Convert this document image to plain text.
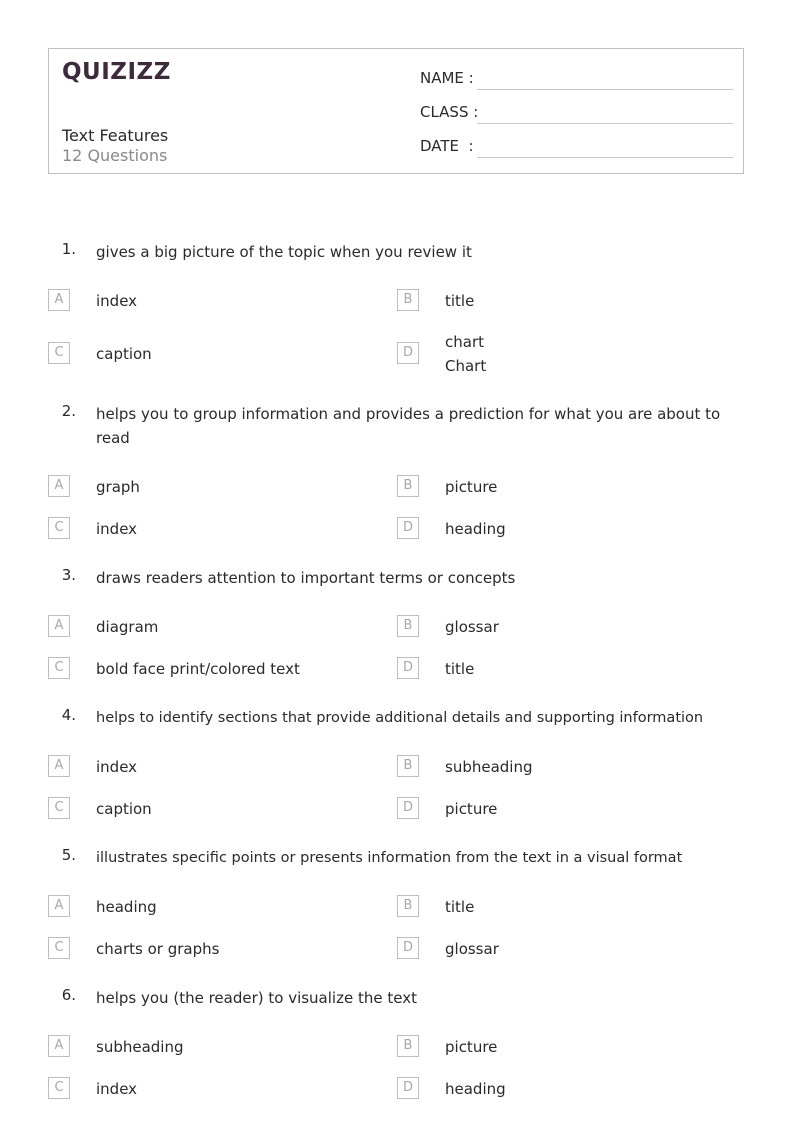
QUIZIZZ
Text Features
12 Questions
NAME :
CLASS :
DATE  :
1. gives a big picture of the topic when you review it
A	index	B	title
C	caption	D
chart
Chart
2. helps you to group information and provides a prediction for what you are about to read
A	graph	B	picture
C	index	D	heading
3. draws readers attention to important terms or concepts
A	diagram	B	glossar
C	bold face print/colored text	D	title
4. helps to identify sections that provide additional details and supporting information
A	index	B	subheading
C	caption	D	picture
5. illustrates specific points or presents information from the text in a visual format
A	heading	B	title
C	charts or graphs	D	glossar
6. helps you (the reader) to visualize the text
A	subheading	B	picture
C	index	D	heading
